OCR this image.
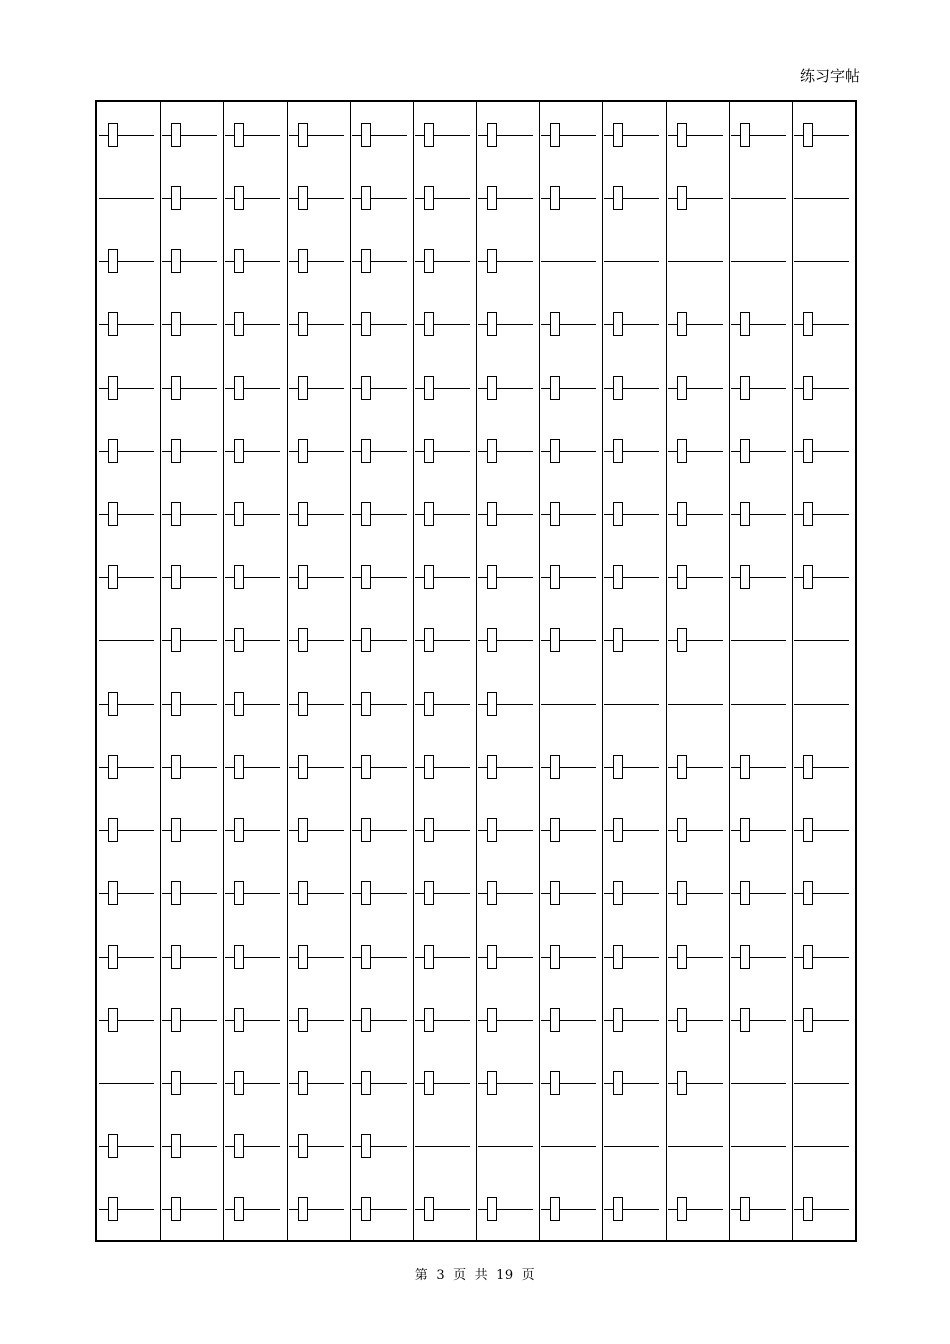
练习字帖
第 3 页 共 19 页
